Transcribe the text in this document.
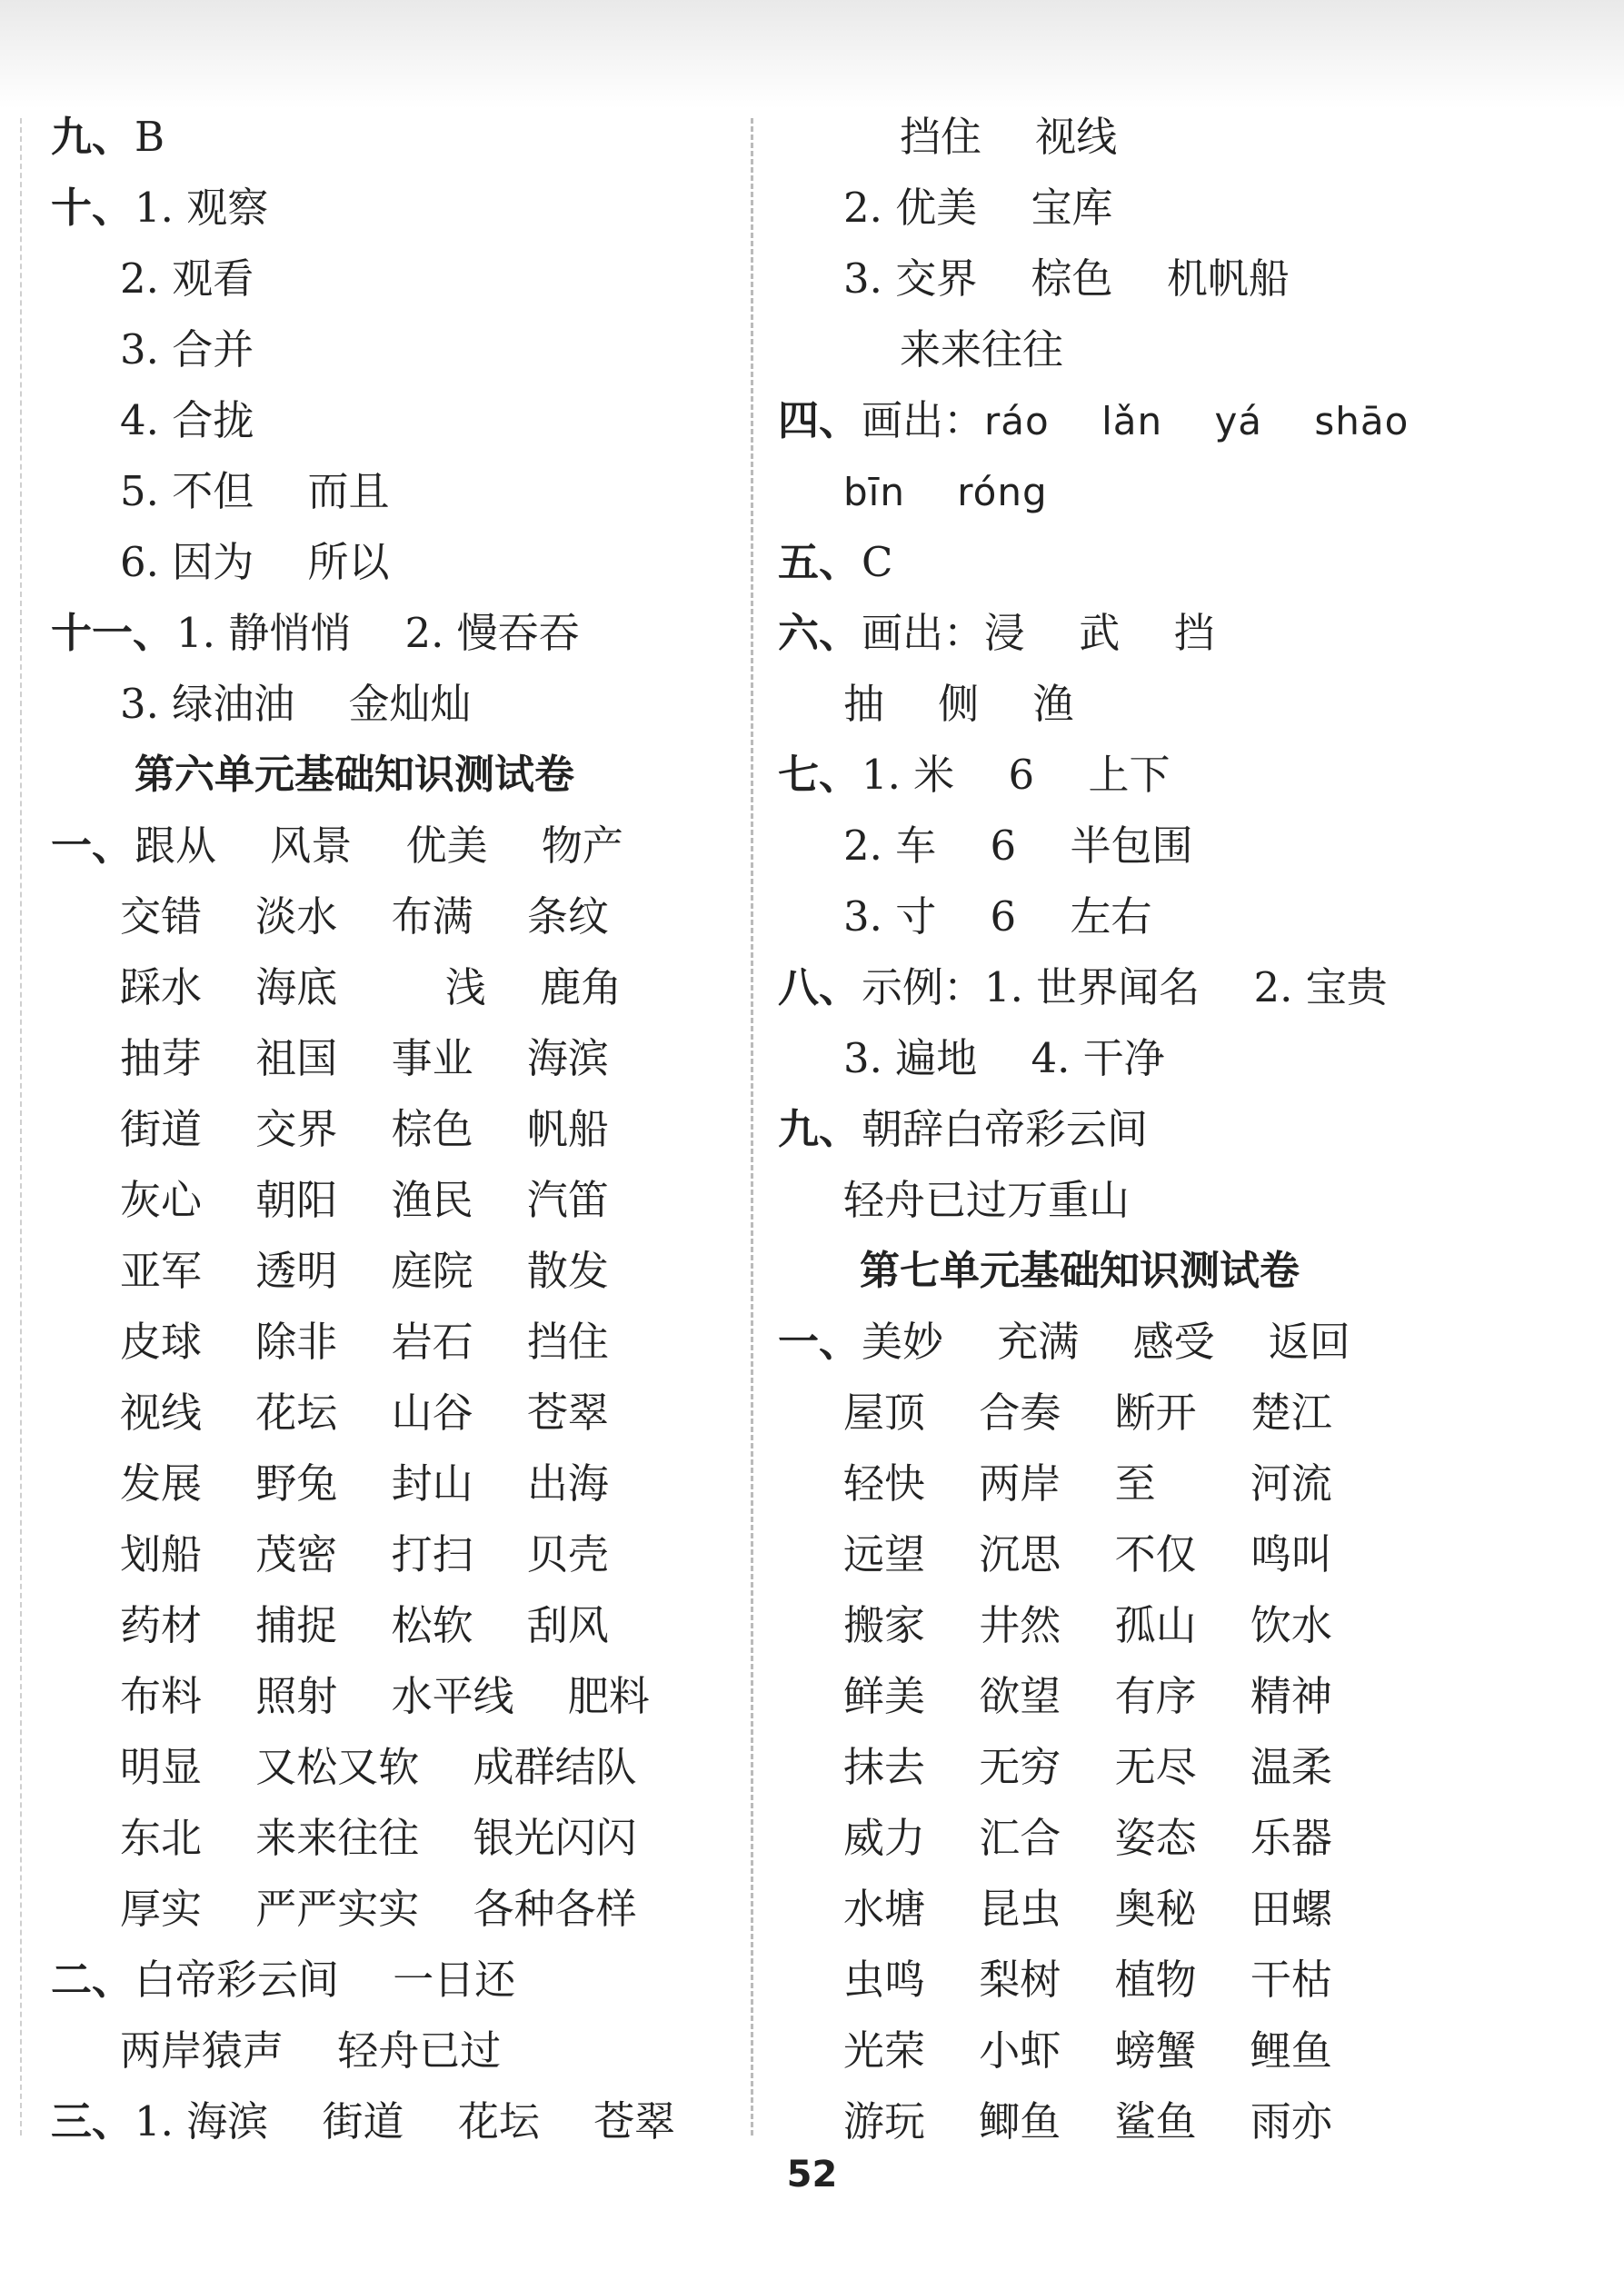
九、 B
十、 1. 观察
2. 观看
3. 合并
4. 合拢
5. 不但　 而且
6. 因为　 所以
十一、 1. 静悄悄　 2. 慢吞吞
3. 绿油油　 金灿灿
第六单元基础知识测试卷
一、 跟从　 风景　 优美　 物产
交错　 淡水　 布满　 条纹
踩水　 海底　 　 浅　 鹿角
抽芽　 祖国　 事业　 海滨
街道　 交界　 棕色　 帆船
灰心　 朝阳　 渔民　 汽笛
亚军　 透明　 庭院　 散发
皮球　 除非　 岩石　 挡住
视线　 花坛　 山谷　 苍翠
发展　 野兔　 封山　 出海
划船　 茂密　 打扫　 贝壳
药材　 捕捉　 松软　 刮风
布料　 照射　 水平线　 肥料
明显　 又松又软　 成群结队
东北　 来来往往　 银光闪闪
厚实　 严严实实　 各种各样
二、 白帝彩云间　 一日还
两岸猿声　 轻舟已过
三、 1. 海滨　 街道　 花坛　 苍翠
挡住　 视线
2. 优美　 宝库
3. 交界　 棕色　 机帆船
来来往往
四、 画出：ráo　 lǎn　 yá　 shāo
bīn　 róng
五、 C
六、 画出：浸　 武　 挡
抽　 侧　 渔
七、 1. 米　 6　 上下
2. 车　 6　 半包围
3. 寸　 6　 左右
八、 示例：1. 世界闻名　 2. 宝贵
3. 遍地　 4. 干净
九、 朝辞白帝彩云间
轻舟已过万重山
第七单元基础知识测试卷
一、 美妙　 充满　 感受　 返回
屋顶　 合奏　 断开　 楚江
轻快　 两岸　 至　　 河流
远望　 沉思　 不仅　 鸣叫
搬家　 井然　 孤山　 饮水
鲜美　 欲望　 有序　 精神
抹去　 无穷　 无尽　 温柔
威力　 汇合　 姿态　 乐器
水塘　 昆虫　 奥秘　 田螺
虫鸣　 梨树　 植物　 干枯
光荣　 小虾　 螃蟹　 鲤鱼
游玩　 鲫鱼　 鲨鱼　 雨亦
52
